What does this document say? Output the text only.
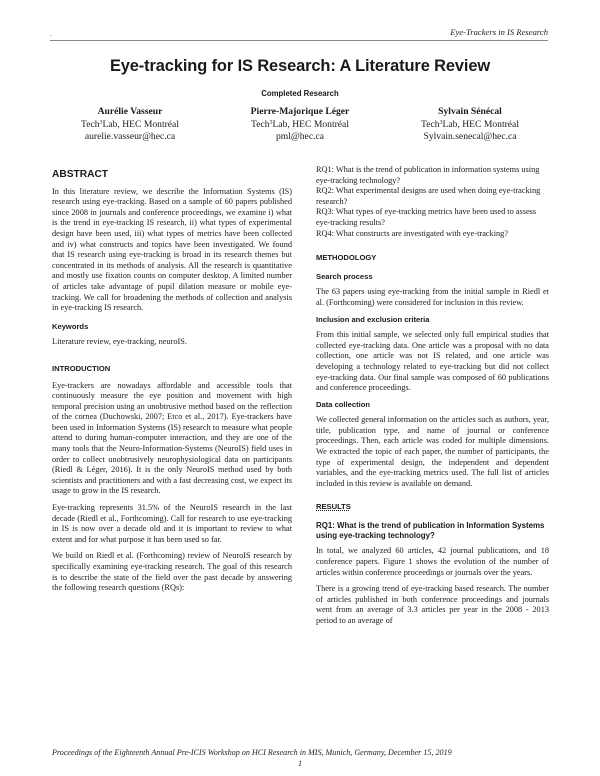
.	Eye-Trackers in IS Research
Eye-tracking for IS Research: A Literature Review
Completed Research
Aurélie Vasseur
Tech$^3$Lab, HEC Montréal
aurelie.vasseur@hec.ca
Pierre-Majorique Léger
Tech$^3$Lab, HEC Montréal
pml@hec.ca
Sylvain Sénécal
Tech$^3$Lab, HEC Montréal
Sylvain.senecal@hec.ca
ABSTRACT

In this literature review, we describe the Information Systems (IS) research using eye-tracking. Based on a sample of 60 papers published since 2008 in journals and conference proceedings, we examine i) what is the trend in eye-tracking IS research, ii) what types of experimental design have been used, iii) what types of metrics have been collected and iv) what constructs and topics have been investigated. We found that IS research using eye-tracking is broad in its research themes but concentrated in its methods of analysis. All the research is quantitative and mostly use fixation counts on computer desktop. A limited number of articles take advantage of pupil dilation measure or mobile eye-tracking. We call for broadening the methods of collection and analysis in eye-tracking IS research.

Keywords

Literature review, eye-tracking, neuroIS.

INTRODUCTION

Eye-trackers are nowadays affordable and accessible tools that continuously measure the eye position and movement with high temporal precision using an unobtrusive method based on the reflection of the cornea (Duchowski, 2007; Etco et al., 2017). Eye-trackers have been used in Information Systems (IS) research to measure what people attend to during human-computer interaction, and they are one of the many tools that the Neuro-Information-Systems (NeuroIS) field uses in order to collect unobtrusively neurophysiological data on participants (Riedl & Léger, 2016). It is the only NeuroIS method used by both scientists and practitioners and with a fast decreasing cost, we expect its usage to grow in the IS research.

Eye-tracking represents 31.5% of the NeuroIS research in the last decade (Riedl et al., Forthcoming). Call for research to use eye-tracking in IS is now over a decade old and it is important to review to what extent and for what purpose it has been used so far.

We build on Riedl et al. (Forthcoming) review of NeuroIS research by specifically examining eye-tracking research. The goal of this research is to describe the state of the field over the past decade by answering the following research questions (RQs):

RQ1: What is the trend of publication in information systems using eye-tracking technology?

RQ2: What experimental designs are used when doing eye-tracking research?

RQ3: What types of eye-tracking metrics have been used to assess eye-tracking results?

RQ4: What constructs are investigated with eye-tracking?

METHODOLOGY
Search process

The 63 papers using eye-tracking from the initial sample in Riedl et al. (Forthcoming) were considered for inclusion in this review.

Inclusion and exclusion criteria

From this initial sample, we selected only full empirical studies that collected eye-tracking data. One article was a proposal with no data collection, one article was not IS related, and one article was developing a technology related to eye-tracking but did not collect eye-tracking data. Our final sample was composed of 60 publications and conference proceedings.

Data collection

We collected general information on the articles such as authors, year, title, publication type, and name of journal or conference proceedings. Then, each article was coded for multiple dimensions. We extracted the topic of each paper, the number of participants, the type of experimental design, the independent and dependent variables, and the eye-tracking metrics used. The full list of articles included in this review is available on demand.

RESULTS
RQ1: What is the trend of publication in Information Systems using eye-tracking technology?

In total, we analyzed 60 articles, 42 journal publications, and 18 conference papers. Figure 1 shows the evolution of the number of articles within conference proceedings or journals over the years.

There is a growing trend of eye-tracking based research. The number of articles published in both conference proceedings and journals went from an average of 3.3 articles per year in the 2008 - 2013 period to an average of

Proceedings of the Eighteenth Annual Pre-ICIS Workshop on HCI Research in MIS, Munich, Germany, December 15, 2019
1
